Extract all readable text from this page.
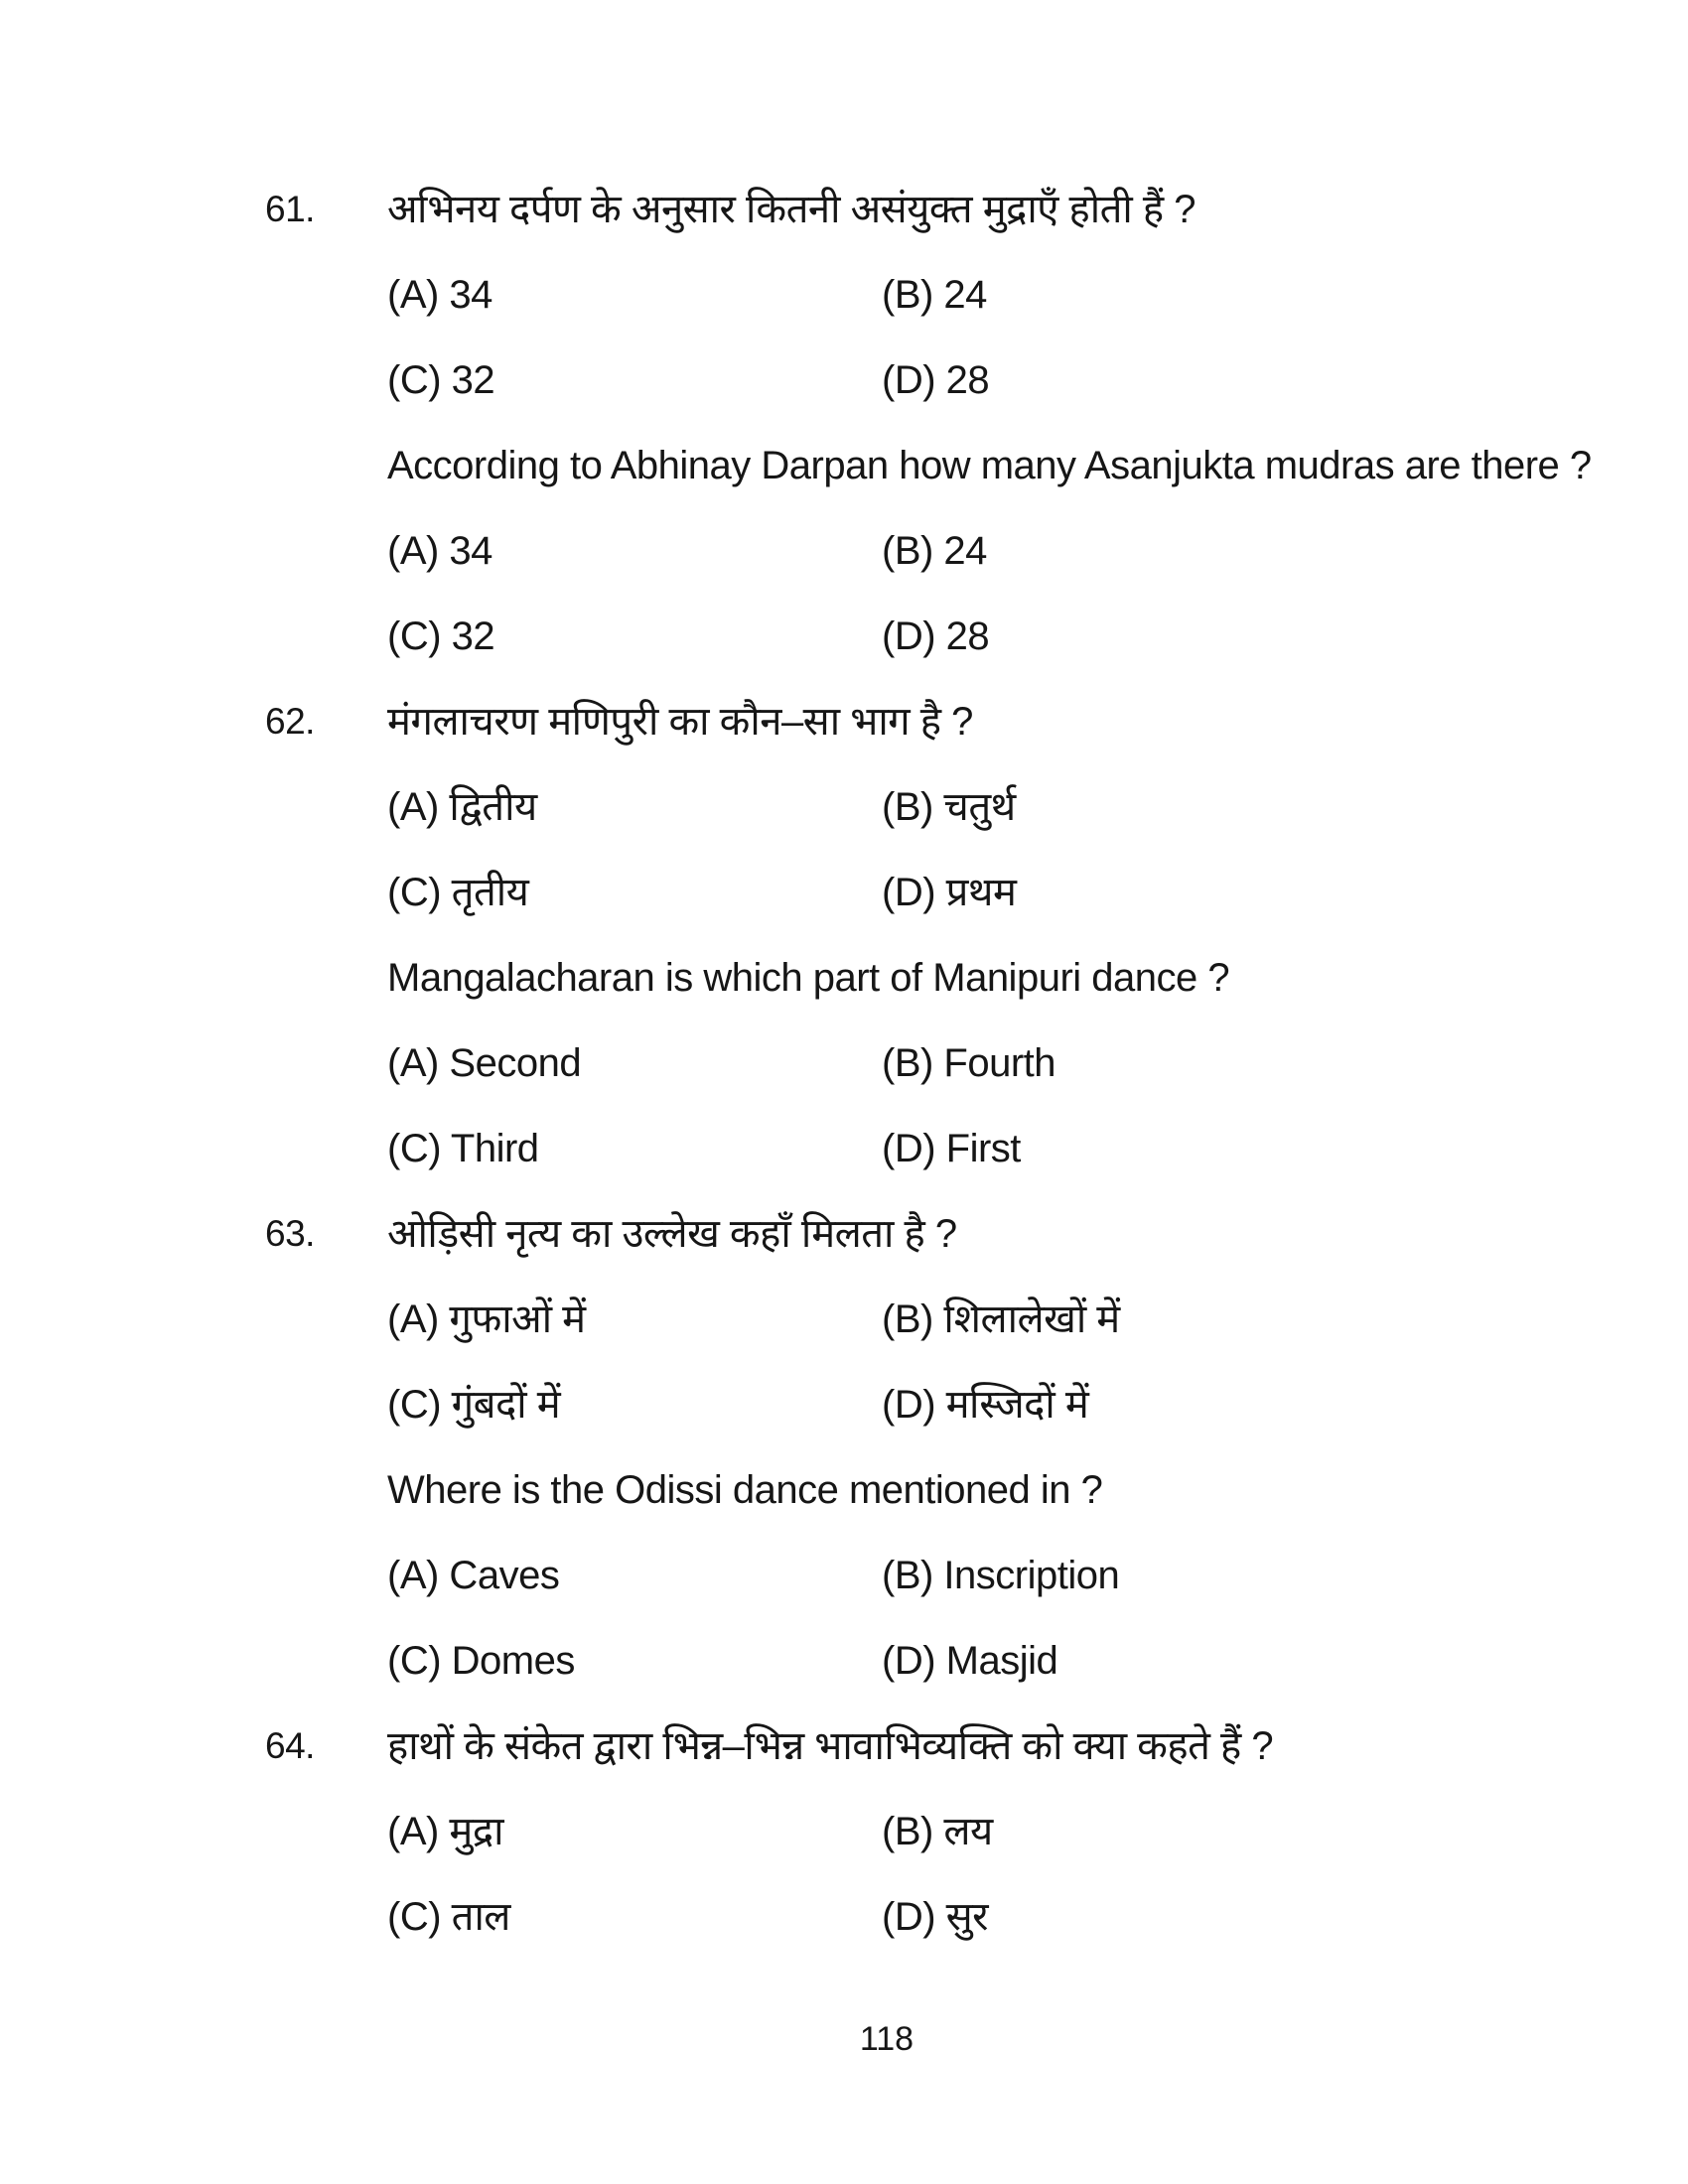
61. अभिनय दर्पण के अनुसार कितनी असंयुक्त मुद्राएँ होती हैं ?
(A) 34	(B) 24
(C) 32	(D) 28
According to Abhinay Darpan how many Asanjukta mudras are there ?
(A) 34	(B) 24
(C) 32	(D) 28
62. मंगलाचरण मणिपुरी का कौन–सा भाग है ?
(A) द्वितीय	(B) चतुर्थ
(C) तृतीय	(D) प्रथम
Mangalacharan is which part of Manipuri dance ?
(A) Second	(B) Fourth
(C) Third	(D) First
63. ओड़िसी नृत्य का उल्लेख कहाँ मिलता है ?
(A) गुफाओं में	(B) शिलालेखों में
(C) गुंबदों में	(D) मस्जिदों में
Where is the Odissi dance mentioned in ?
(A) Caves	(B) Inscription
(C) Domes	(D) Masjid
64. हाथों के संकेत द्वारा भिन्न–भिन्न भावाभिव्यक्ति को क्या कहते हैं ?
(A) मुद्रा	(B) लय
(C) ताल	(D) सुर
118
